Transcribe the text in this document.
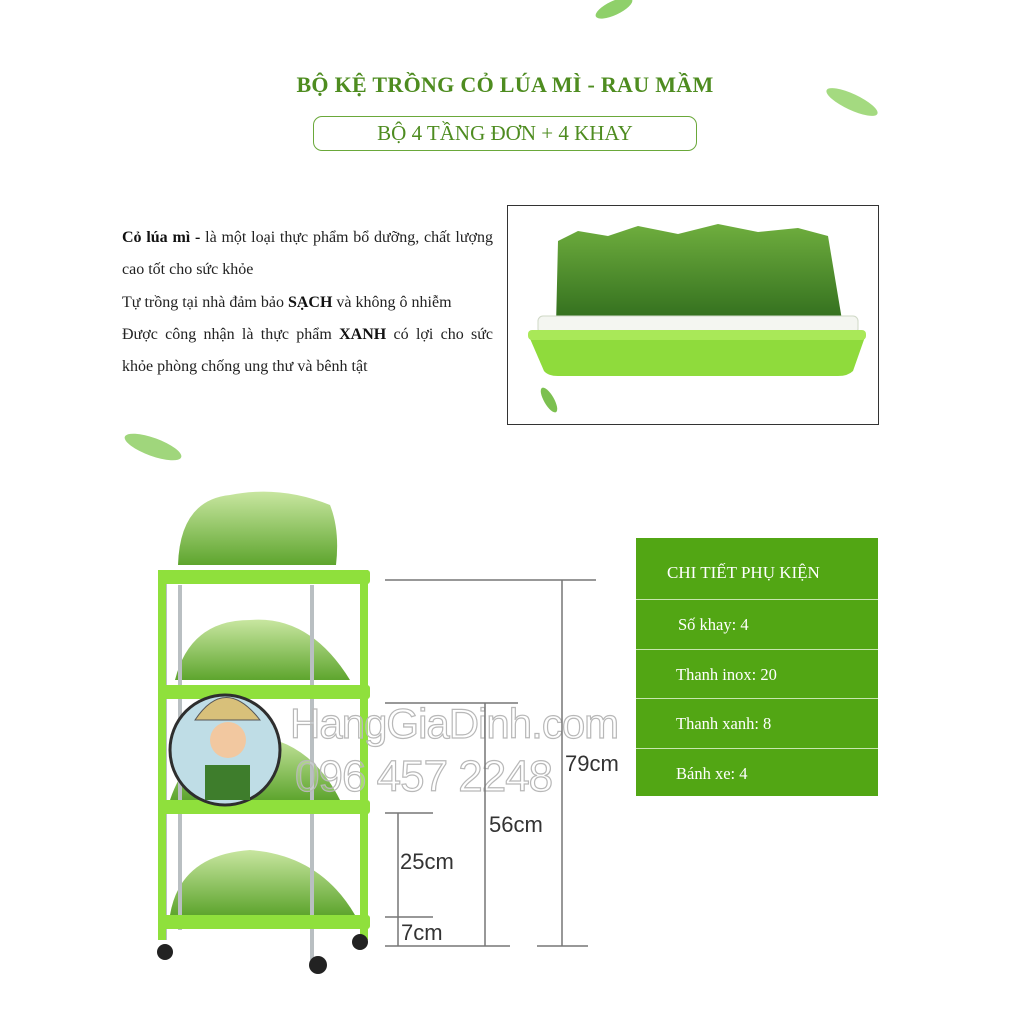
BỘ KỆ TRỒNG CỎ LÚA MÌ - RAU MẦM
BỘ 4 TẦNG ĐƠN + 4 KHAY
Cỏ lúa mì - là một loại thực phẩm bổ dưỡng, chất lượng cao tốt cho sức khỏe
Tự trồng tại nhà đảm bảo SẠCH và không ô nhiễm
Được công nhận là thực phẩm XANH có lợi cho sức khỏe phòng chống ung thư và bênh tật
HangGiaDinh.com
096 457 2248 79cm
56cm
25cm
7cm
CHI TIẾT PHỤ KIỆN
Số khay: 4
Thanh inox: 20
Thanh xanh: 8
Bánh xe: 4
